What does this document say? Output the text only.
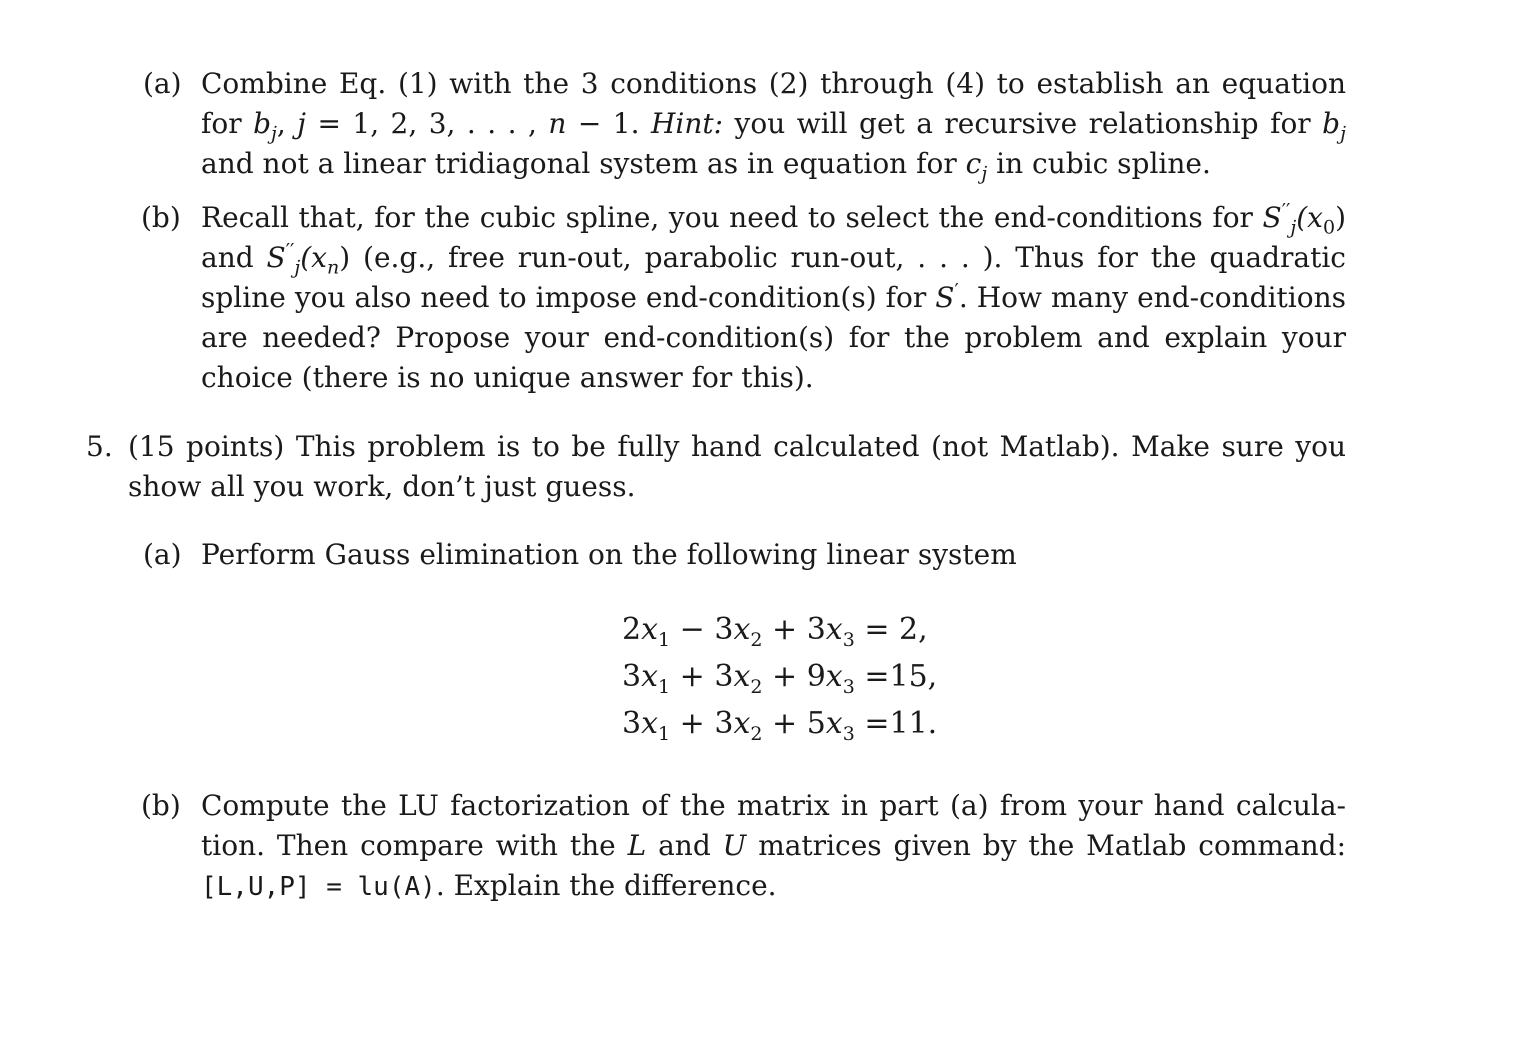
(a) Combine Eq. (1) with the 3 conditions (2) through (4) to establish an equation for $b_j$, j = 1, 2, 3, . . . , n − 1. Hint: you will get a recursive relationship for $b_j$ and not a linear tridiagonal system as in equation for $c_j$ in cubic spline.
(b) Recall that, for the cubic spline, you need to select the end-conditions for $S''_j(x_0)$ and $S''_j(x_n)$ (e.g., free run-out, parabolic run-out, . . . ). Thus for the quadratic spline you also need to impose end-condition(s) for S′. How many end-conditions are needed? Propose your end-condition(s) for the problem and explain your choice (there is no unique answer for this).
5. (15 points) This problem is to be fully hand calculated (not Matlab). Make sure you show all you work, don’t just guess.
(a) Perform Gauss elimination on the following linear system
$2x_1 - 3x_2 + 3x_3 = 2$,
$3x_1 + 3x_2 + 9x_3 =15$,
$3x_1 + 3x_2 + 5x_3 =11$.
(b) Compute the LU factorization of the matrix in part (a) from your hand calcula-tion. Then compare with the L and U matrices given by the Matlab command: [L,U,P] = lu(A). Explain the difference.
